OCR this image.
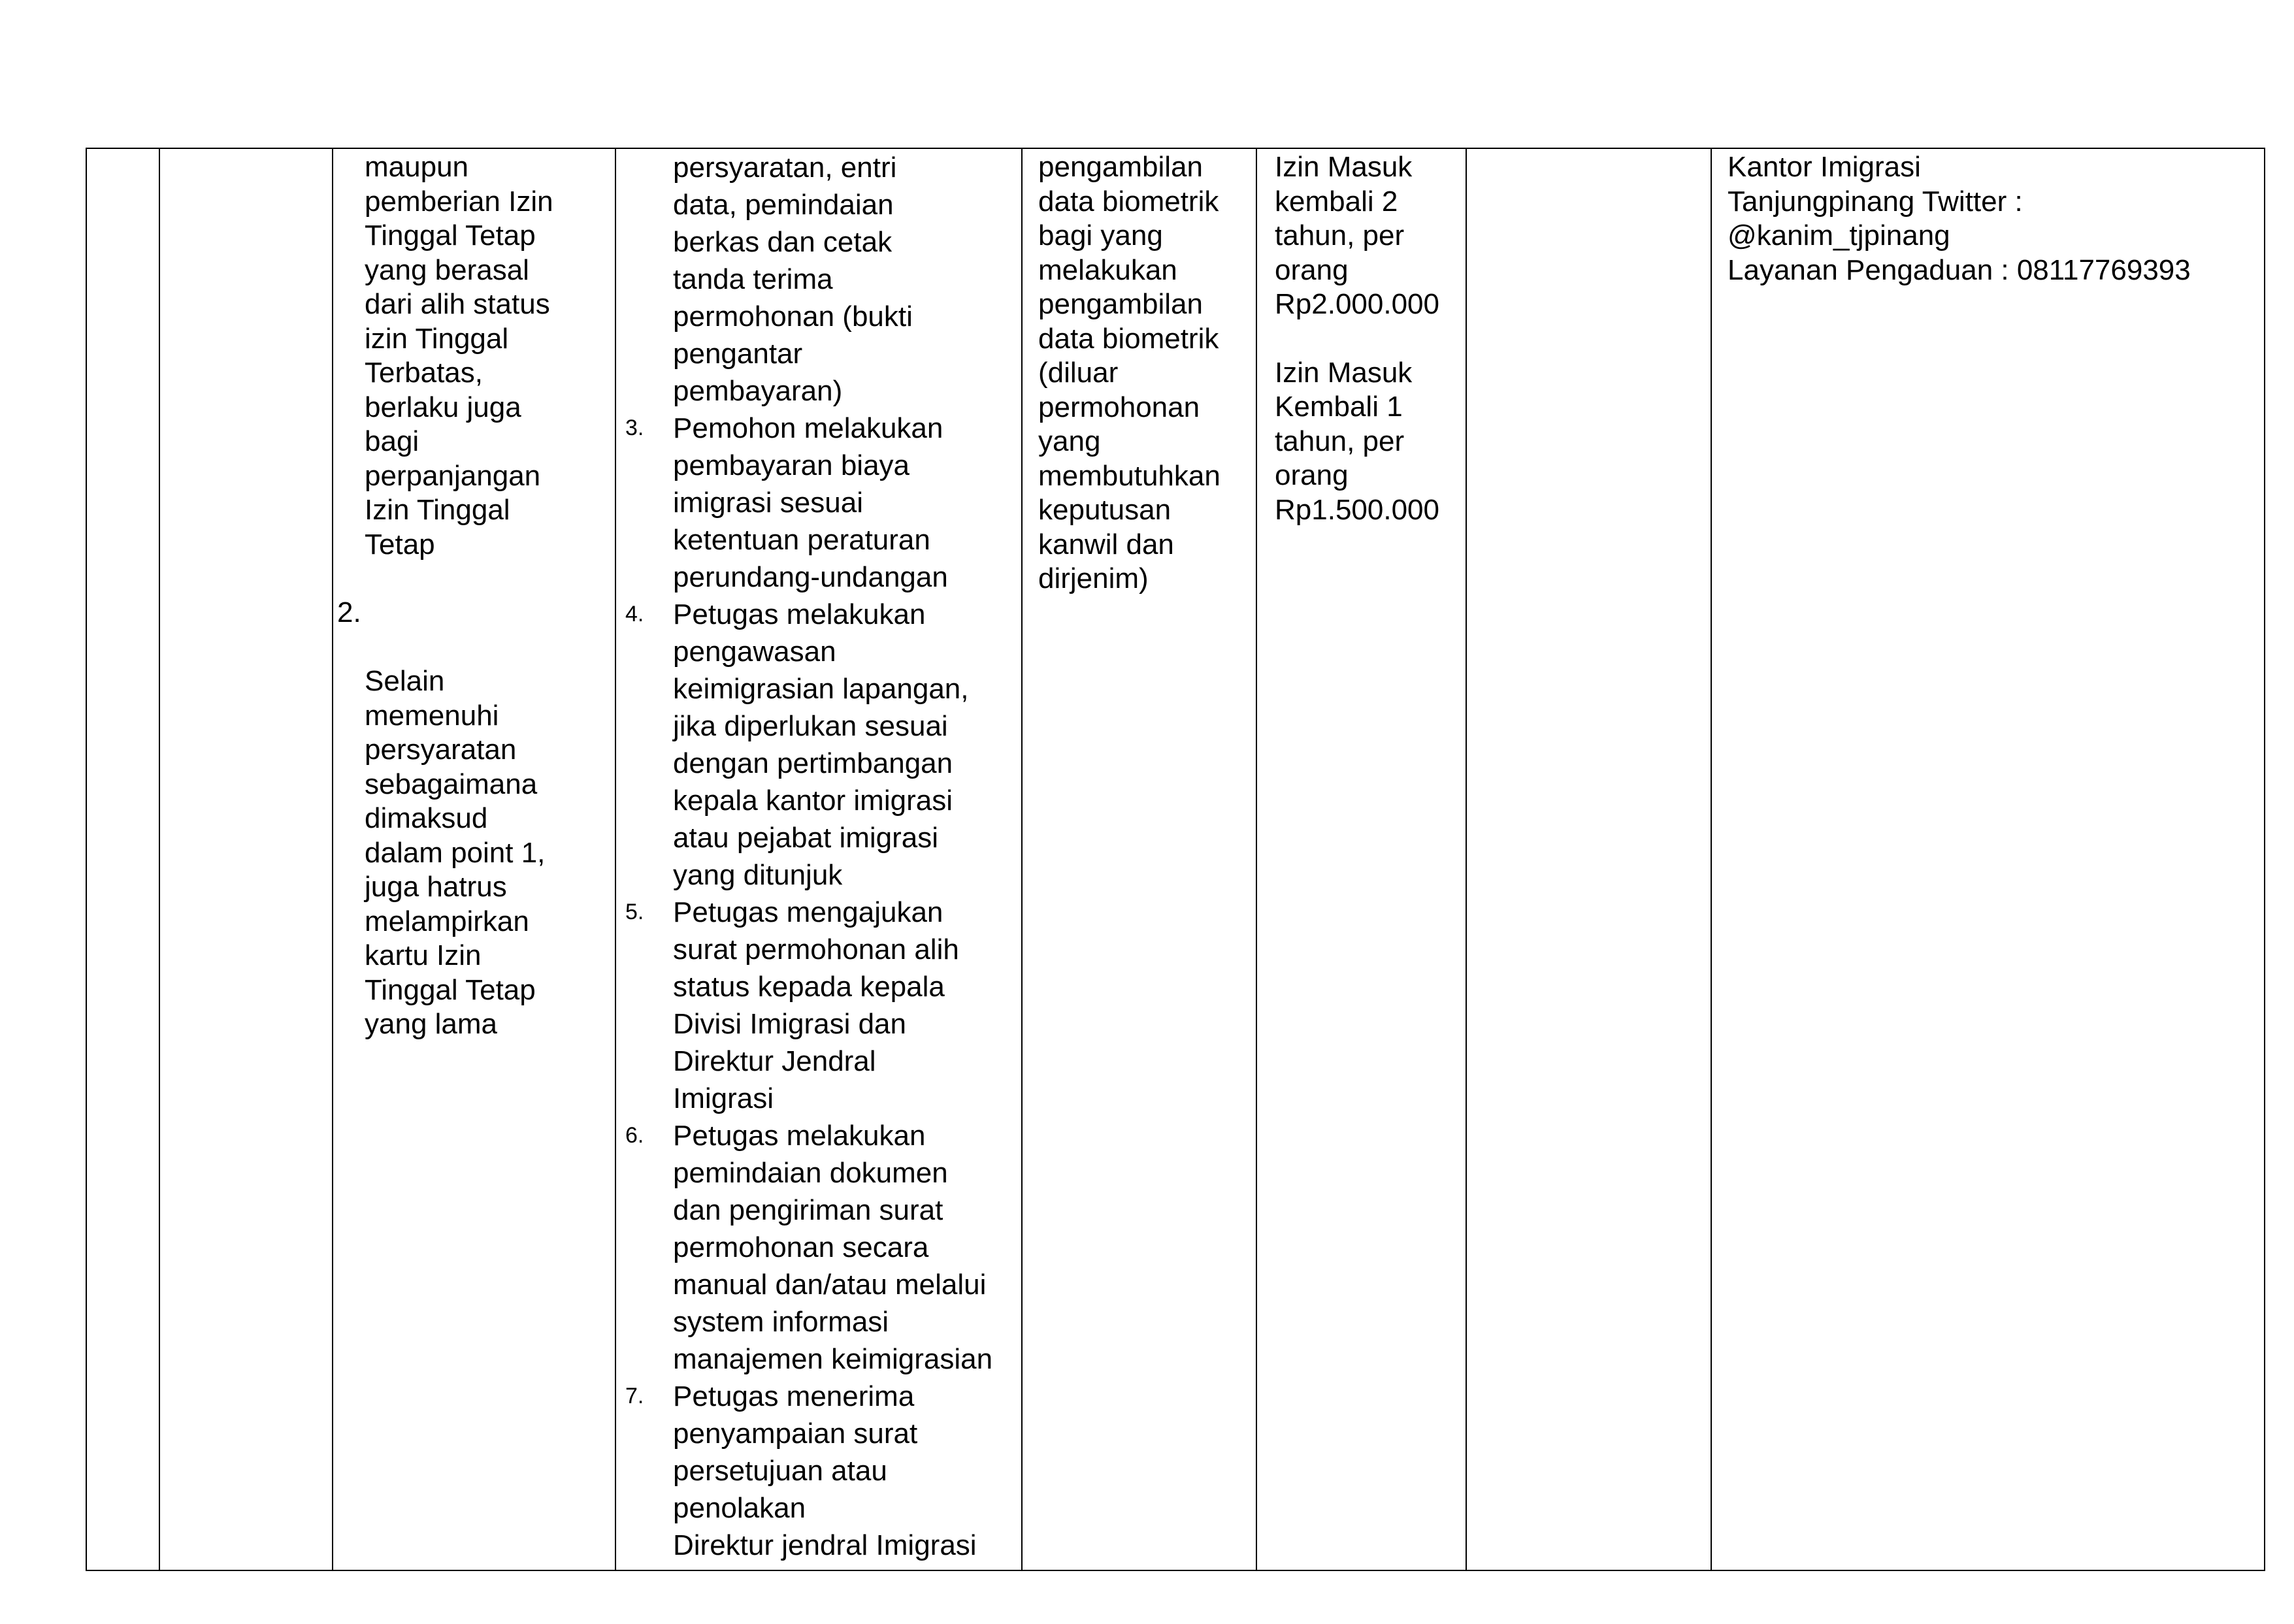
maupun
pemberian Izin
Tinggal Tetap
yang berasal
dari alih status
izin Tinggal
Terbatas,
berlaku juga
bagi
perpanjangan
Izin Tinggal
Tetap

2.

Selain
memenuhi
persyaratan
sebagaimana
dimaksud
dalam point 1,
juga hatrus
melampirkan
kartu Izin
Tinggal Tetap
yang lama

persyaratan, entri
data, pemindaian
berkas dan cetak
tanda terima
permohonan (bukti
pengantar
pembayaran)
3. Pemohon melakukan
pembayaran biaya
imigrasi sesuai
ketentuan peraturan
perundang-undangan
4. Petugas melakukan
pengawasan
keimigrasian lapangan,
jika diperlukan sesuai
dengan pertimbangan
kepala kantor imigrasi
atau pejabat imigrasi
yang ditunjuk
5. Petugas mengajukan
surat permohonan alih
status kepada kepala
Divisi Imigrasi dan
Direktur Jendral
Imigrasi
6. Petugas melakukan
pemindaian dokumen
dan pengiriman surat
permohonan secara
manual dan/atau melalui
system informasi
manajemen keimigrasian
7. Petugas menerima
penyampaian surat
persetujuan atau
penolakan
Direktur jendral Imigrasi
pengambilan
data biometrik
bagi yang
melakukan
pengambilan
data biometrik
(diluar
permohonan
yang
membutuhkan
keputusan
kanwil dan
dirjenim)
Izin Masuk
kembali 2
tahun, per
orang
Rp2.000.000
Izin Masuk
Kembali 1
tahun, per
orang
Rp1.500.000
Kantor Imigrasi
Tanjungpinang Twitter :
@kanim_tjpinang
Layanan Pengaduan : 08117769393
